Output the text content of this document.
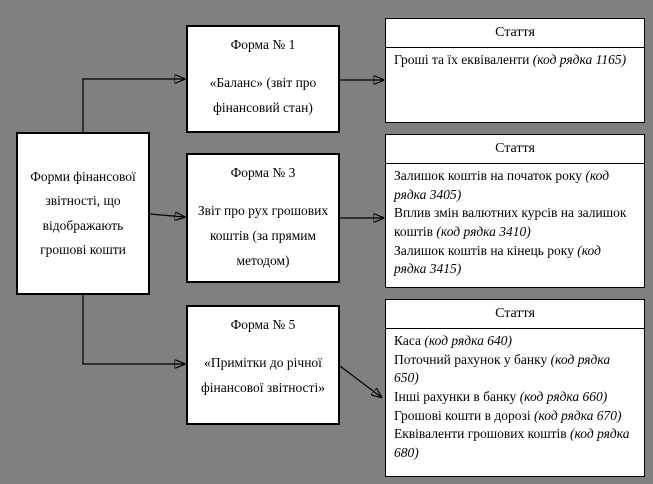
Форми фінансової звітності, що відображають грошові кошти
Форма № 1
«Баланс» (звіт про фінансовий стан)
Форма № 3
Звіт про рух грошових коштів (за прямим методом)
Форма № 5
«Примітки до річної фінансової звітності»
Стаття
Гроші та їх еквіваленти (код рядка 1165)
Стаття
Залишок коштів на початок року (код рядка 3405)
Вплив змін валютних курсів на залишок коштів (код рядка 3410)
Залишок коштів на кінець року (код рядка 3415)
Стаття
Каса (код рядка 640)
Поточний рахунок у банку (код рядка 650)
Інші рахунки в банку (код рядка 660)
Грошові кошти в дорозі (код рядка 670)
Еквіваленти грошових коштів (код рядка 680)
